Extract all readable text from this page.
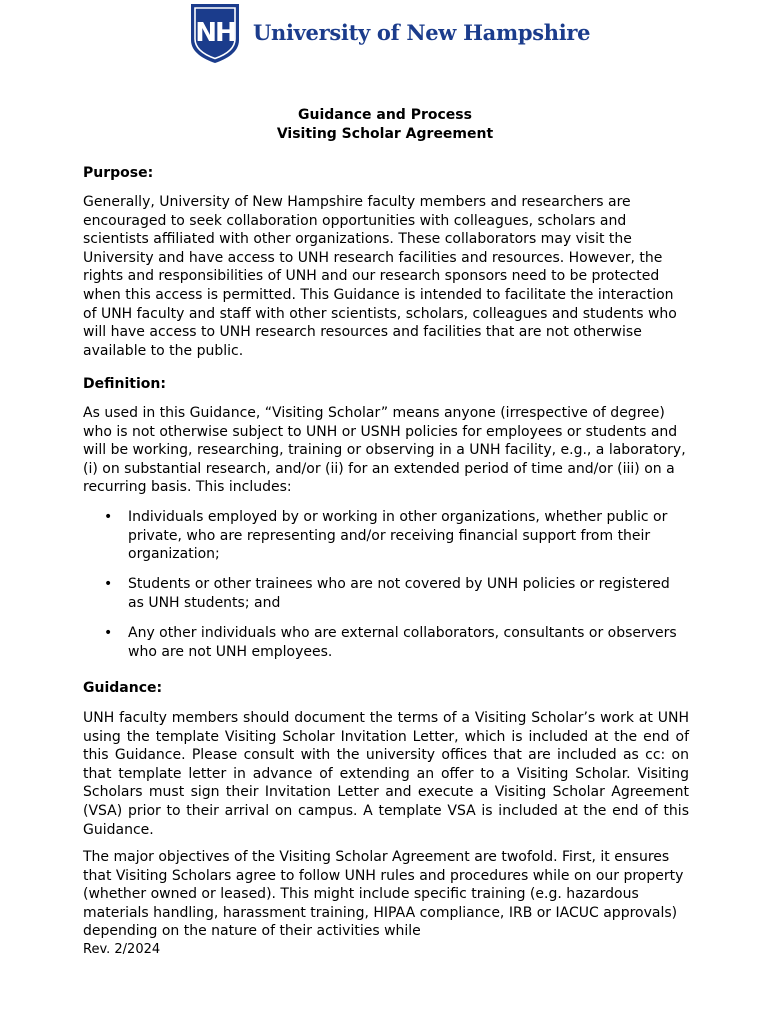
NH University of New Hampshire
Guidance and Process
Visiting Scholar Agreement
Purpose:

Generally, University of New Hampshire faculty members and researchers are encouraged to seek collaboration opportunities with colleagues, scholars and scientists affiliated with other organizations. These collaborators may visit the University and have access to UNH research facilities and resources. However, the rights and responsibilities of UNH and our research sponsors need to be protected when this access is permitted. This Guidance is intended to facilitate the interaction of UNH faculty and staff with other scientists, scholars, colleagues and students who will have access to UNH research resources and facilities that are not otherwise available to the public.

Definition:

As used in this Guidance, “Visiting Scholar” means anyone (irrespective of degree) who is not otherwise subject to UNH or USNH policies for employees or students and will be working, researching, training or observing in a UNH facility, e.g., a laboratory, (i) on substantial research, and/or (ii) for an extended period of time and/or (iii) on a recurring basis. This includes:

• Individuals employed by or working in other organizations, whether public or private, who are representing and/or receiving financial support from their organization;
• Students or other trainees who are not covered by UNH policies or registered as UNH students; and
• Any other individuals who are external collaborators, consultants or observers who are not UNH employees.
Guidance:

UNH faculty members should document the terms of a Visiting Scholar’s work at UNH using the template Visiting Scholar Invitation Letter, which is included at the end of this Guidance. Please consult with the university offices that are included as cc: on that template letter in advance of extending an offer to a Visiting Scholar. Visiting Scholars must sign their Invitation Letter and execute a Visiting Scholar Agreement (VSA) prior to their arrival on campus. A template VSA is included at the end of this Guidance.

The major objectives of the Visiting Scholar Agreement are twofold. First, it ensures that Visiting Scholars agree to follow UNH rules and procedures while on our property (whether owned or leased). This might include specific training (e.g. hazardous materials handling, harassment training, HIPAA compliance, IRB or IACUC approvals) depending on the nature of their activities while

Rev. 2/2024
